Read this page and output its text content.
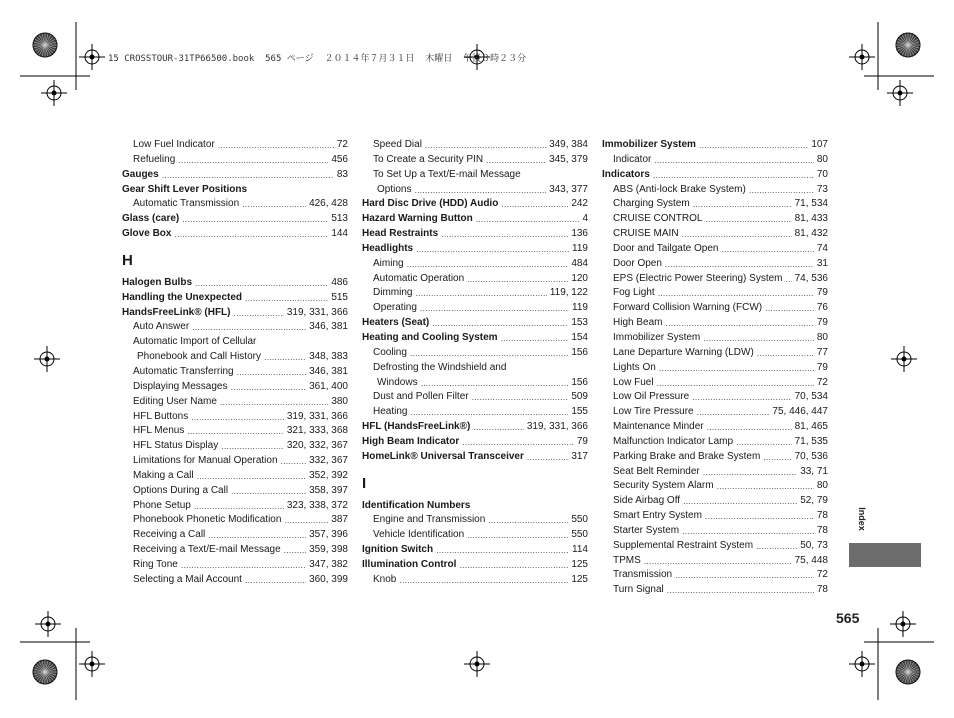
15 CROSSTOUR-31TP66500.book  565 ページ  ２０１４年７月３１日  木曜日  午後３時２３分
Low Fuel Indicator . . .	72
Refueling . . .	456
Gauges . . .	83
Gear Shift Lever Positions
Automatic Transmission . . .	426, 428
Glass (care) . . .	513
Glove Box . . .	144
H
Halogen Bulbs . . .	486
Handling the Unexpected . . .	515
HandsFreeLink® (HFL) . . .	319, 331, 366
Auto Answer . . .	346, 381
Automatic Import of Cellular
Phonebook and Call History . . .	348, 383
Automatic Transferring . . .	346, 381
Displaying Messages . . .	361, 400
Editing User Name . . .	380
HFL Buttons . . .	319, 331, 366
HFL Menus . . .	321, 333, 368
HFL Status Display . . .	320, 332, 367
Limitations for Manual Operation . . .	332, 367
Making a Call . . .	352, 392
Options During a Call . . .	358, 397
Phone Setup . . .	323, 338, 372
Phonebook Phonetic Modification . . .	387
Receiving a Call . . .	357, 396
Receiving a Text/E-mail Message . . .	359, 398
Ring Tone . . .	347, 382
Selecting a Mail Account . . .	360, 399
Speed Dial . . .	349, 384
To Create a Security PIN . . .	345, 379
To Set Up a Text/E-mail Message
Options . . .	343, 377
Hard Disc Drive (HDD) Audio . . .	242
Hazard Warning Button . . .	4
Head Restraints . . .	136
Headlights . . .	119
Aiming . . .	484
Automatic Operation . . .	120
Dimming . . .	119, 122
Operating . . .	119
Heaters (Seat) . . .	153
Heating and Cooling System . . .	154
Cooling . . .	156
Defrosting the Windshield and
Windows . . .	156
Dust and Pollen Filter . . .	509
Heating . . .	155
HFL (HandsFreeLink®) . . .	319, 331, 366
High Beam Indicator . . .	79
HomeLink® Universal Transceiver . . .	317
I
Identification Numbers
Engine and Transmission . . .	550
Vehicle Identification . . .	550
Ignition Switch . . .	114
Illumination Control . . .	125
Knob . . .	125
Immobilizer System . . .	107
Indicator . . .	80
Indicators . . .	70
ABS (Anti-lock Brake System) . . .	73
Charging System . . .	71, 534
CRUISE CONTROL . . .	81, 433
CRUISE MAIN . . .	81, 432
Door and Tailgate Open . . .	74
Door Open . . .	31
EPS (Electric Power Steering) System . . . 74, 536
Fog Light . . .	79
Forward Collision Warning (FCW) . . .	76
High Beam . . .	79
Immobilizer System . . .	80
Lane Departure Warning (LDW) . . .	77
Lights On . . .	79
Low Fuel . . .	72
Low Oil Pressure . . .	70, 534
Low Tire Pressure . . .	75, 446, 447
Maintenance Minder . . .	81, 465
Malfunction Indicator Lamp . . .	71, 535
Parking Brake and Brake System . . .	70, 536
Seat Belt Reminder . . .	33, 71
Security System Alarm . . .	80
Side Airbag Off . . .	52, 79
Smart Entry System . . .	78
Starter System . . .	78
Supplemental Restraint System . . .	50, 73
TPMS . . .	75, 448
Transmission . . .	72
Turn Signal . . .	78
Index
565
